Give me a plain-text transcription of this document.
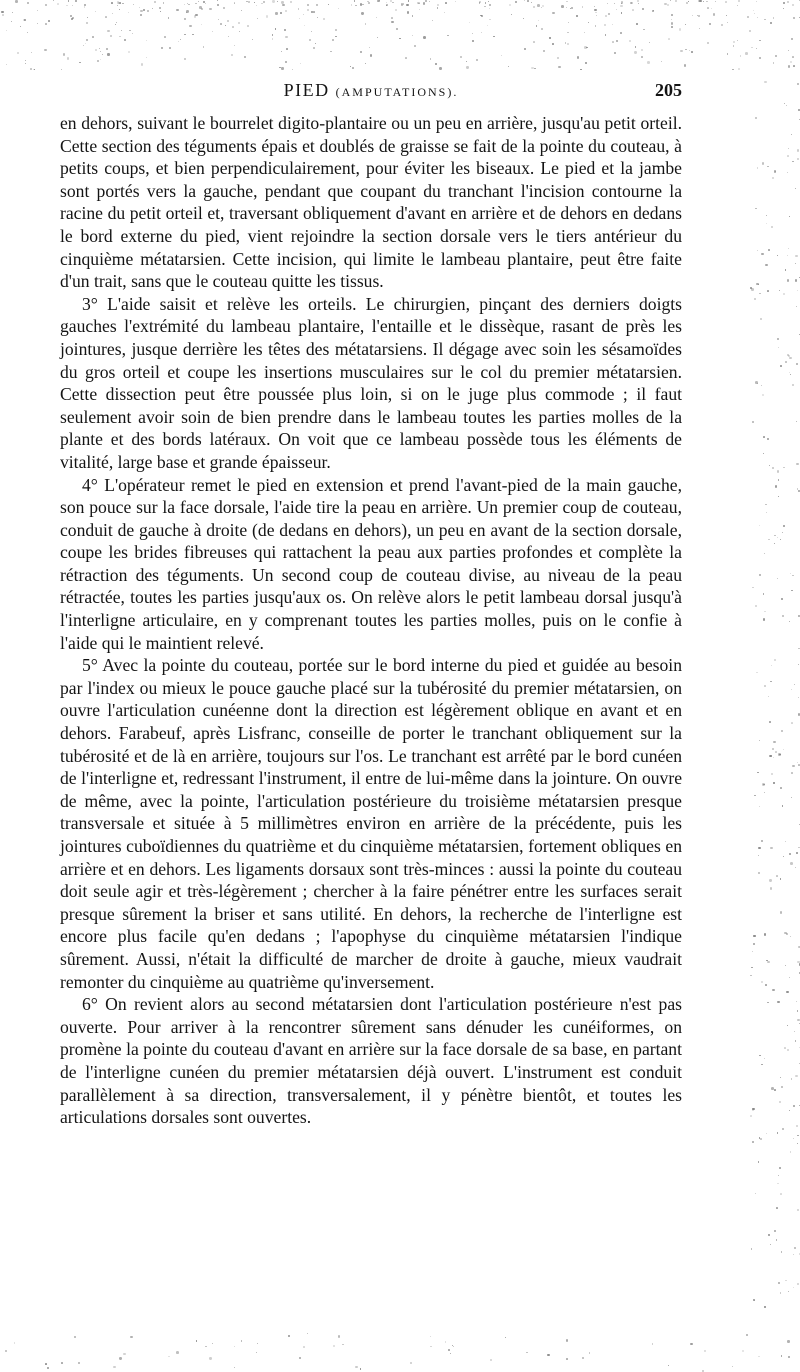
PIED (AMPUTATIONS).	205

en dehors, suivant le bourrelet digito-plantaire ou un peu en arrière, jusqu'au petit orteil. Cette section des téguments épais et doublés de graisse se fait de la pointe du couteau, à petits coups, et bien perpendiculairement, pour éviter les biseaux. Le pied et la jambe sont portés vers la gauche, pendant que coupant du tranchant l'incision contourne la racine du petit orteil et, traversant obliquement d'avant en arrière et de dehors en dedans le bord externe du pied, vient rejoindre la section dorsale vers le tiers antérieur du cinquième métatarsien. Cette incision, qui limite le lambeau plantaire, peut être faite d'un trait, sans que le couteau quitte les tissus.

3° L'aide saisit et relève les orteils. Le chirurgien, pinçant des derniers doigts gauches l'extrémité du lambeau plantaire, l'entaille et le dissèque, rasant de près les jointures, jusque derrière les têtes des métatarsiens. Il dégage avec soin les sésamoïdes du gros orteil et coupe les insertions musculaires sur le col du premier métatarsien. Cette dissection peut être poussée plus loin, si on le juge plus commode ; il faut seulement avoir soin de bien prendre dans le lambeau toutes les parties molles de la plante et des bords latéraux. On voit que ce lambeau possède tous les éléments de vitalité, large base et grande épaisseur.

4° L'opérateur remet le pied en extension et prend l'avant-pied de la main gauche, son pouce sur la face dorsale, l'aide tire la peau en arrière. Un premier coup de couteau, conduit de gauche à droite (de dedans en dehors), un peu en avant de la section dorsale, coupe les brides fibreuses qui rattachent la peau aux parties profondes et complète la rétraction des téguments. Un second coup de couteau divise, au niveau de la peau rétractée, toutes les parties jusqu'aux os. On relève alors le petit lambeau dorsal jusqu'à l'interligne articulaire, en y comprenant toutes les parties molles, puis on le confie à l'aide qui le maintient relevé.

5° Avec la pointe du couteau, portée sur le bord interne du pied et guidée au besoin par l'index ou mieux le pouce gauche placé sur la tubérosité du premier métatarsien, on ouvre l'articulation cunéenne dont la direction est légèrement oblique en avant et en dehors. Farabeuf, après Lisfranc, conseille de porter le tranchant obliquement sur la tubérosité et de là en arrière, toujours sur l'os. Le tranchant est arrêté par le bord cunéen de l'interligne et, redressant l'instrument, il entre de lui-même dans la jointure. On ouvre de même, avec la pointe, l'articulation postérieure du troisième métatarsien presque transversale et située à 5 millimètres environ en arrière de la précédente, puis les jointures cuboïdiennes du quatrième et du cinquième métatarsien, fortement obliques en arrière et en dehors. Les ligaments dorsaux sont très-minces : aussi la pointe du couteau doit seule agir et très-légèrement ; chercher à la faire pénétrer entre les surfaces serait presque sûrement la briser et sans utilité. En dehors, la recherche de l'interligne est encore plus facile qu'en dedans ; l'apophyse du cinquième métatarsien l'indique sûrement. Aussi, n'était la difficulté de marcher de droite à gauche, mieux vaudrait remonter du cinquième au quatrième qu'inversement.

6° On revient alors au second métatarsien dont l'articulation postérieure n'est pas ouverte. Pour arriver à la rencontrer sûrement sans dénuder les cunéiformes, on promène la pointe du couteau d'avant en arrière sur la face dorsale de sa base, en partant de l'interligne cunéen du premier métatarsien déjà ouvert. L'instrument est conduit parallèlement à sa direction, transversalement, il y pénètre bientôt, et toutes les articulations dorsales sont ouvertes.
